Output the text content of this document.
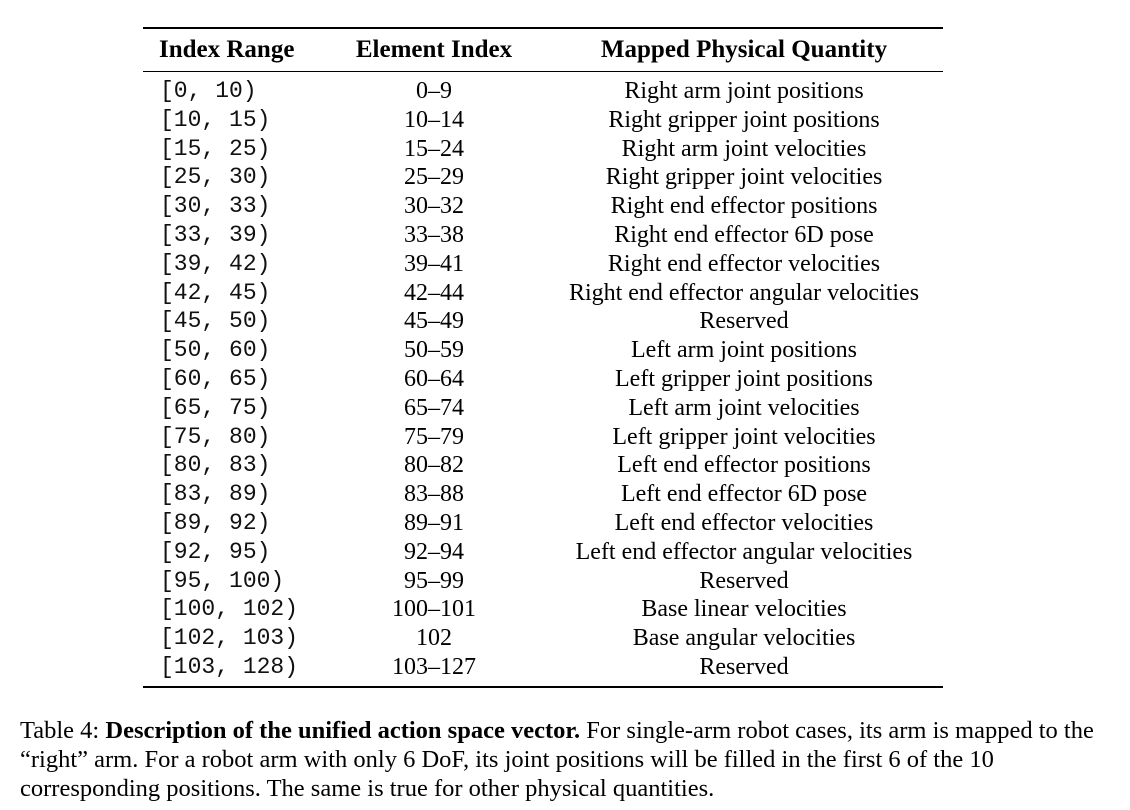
Index Range	Element Index	Mapped Physical Quantity
[0, 10)	0–9	Right arm joint positions
[10, 15)	10–14	Right gripper joint positions
[15, 25)	15–24	Right arm joint velocities
[25, 30)	25–29	Right gripper joint velocities
[30, 33)	30–32	Right end effector positions
[33, 39)	33–38	Right end effector 6D pose
[39, 42)	39–41	Right end effector velocities
[42, 45)	42–44	Right end effector angular velocities
[45, 50)	45–49	Reserved
[50, 60)	50–59	Left arm joint positions
[60, 65)	60–64	Left gripper joint positions
[65, 75)	65–74	Left arm joint velocities
[75, 80)	75–79	Left gripper joint velocities
[80, 83)	80–82	Left end effector positions
[83, 89)	83–88	Left end effector 6D pose
[89, 92)	89–91	Left end effector velocities
[92, 95)	92–94	Left end effector angular velocities
[95, 100)	95–99	Reserved
[100, 102)	100–101	Base linear velocities
[102, 103)	102	Base angular velocities
[103, 128)	103–127	Reserved
Table 4: Description of the unified action space vector. For single-arm robot cases, its arm is mapped to the “right” arm. For a robot arm with only 6 DoF, its joint positions will be filled in the first 6 of the 10 corresponding positions. The same is true for other physical quantities.
